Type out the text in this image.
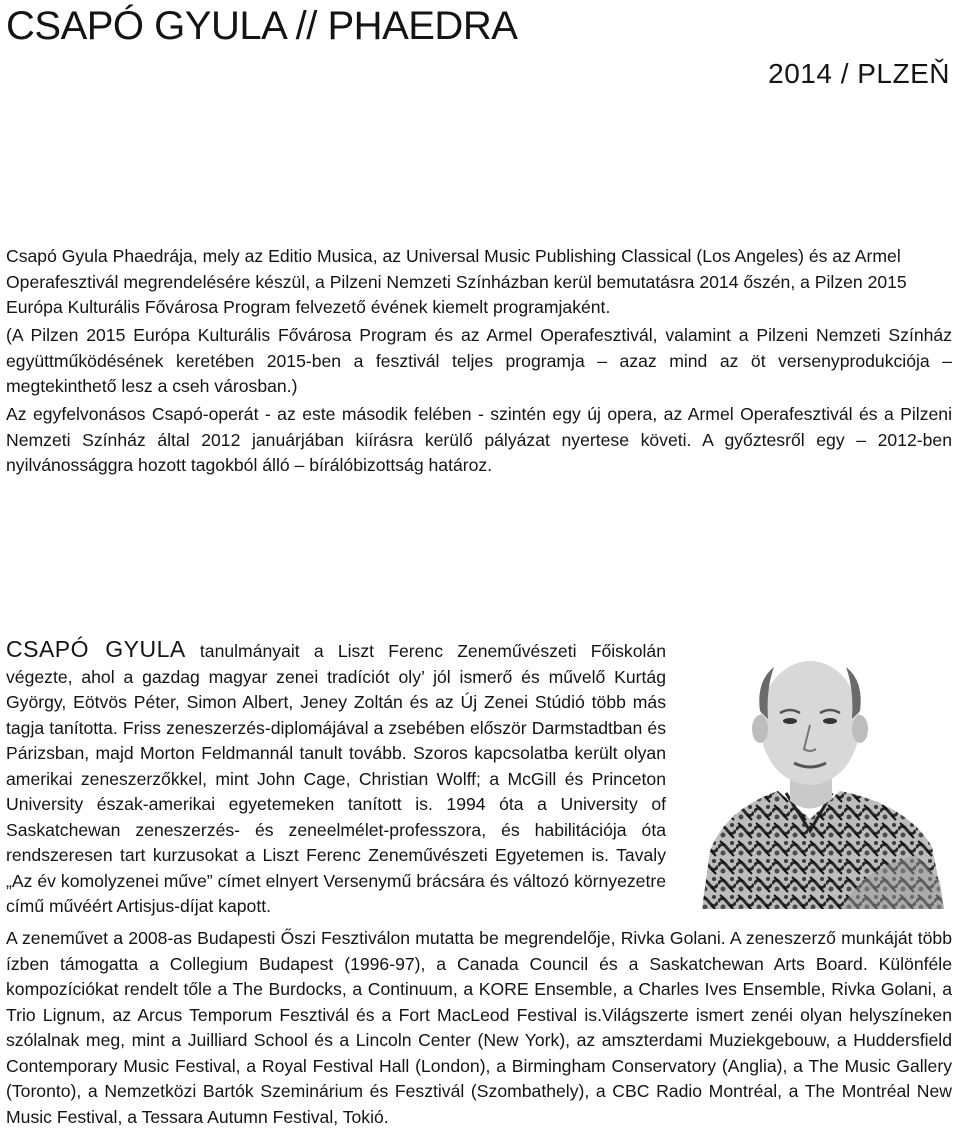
CSAPÓ GYULA // PHAEDRA
2014 / PLZEŇ

Csapó Gyula Phaedrája, mely az Editio Musica, az Universal Music Publishing Classical (Los Angeles) és az Armel Operafesztivál megrendelésére készül, a Pilzeni Nemzeti Színházban kerül bemutatásra 2014 őszén, a Pilzen 2015 Európa Kulturális Fővárosa Program felvezető évének kiemelt programjaként.

(A Pilzen 2015 Európa Kulturális Fővárosa Program és az Armel Operafesztivál, valamint a Pilzeni Nemzeti Színház együttműködésének keretében 2015-ben a fesztivál teljes programja – azaz mind az öt versenyprodukciója – megtekinthető lesz a cseh városban.)

Az egyfelvonásos Csapó-operát - az este második felében - szintén egy új opera, az Armel Operafesztivál és a Pilzeni Nemzeti Színház által 2012 januárjában kiírásra kerülő pályázat nyertese követi. A győztesről egy – 2012-ben nyilvánossággra hozott tagokból álló – bírálóbizottság határoz.

CSAPÓ GYULA tanulmányait a Liszt Ferenc Zeneművészeti Főiskolán végezte, ahol a gazdag magyar zenei tradíciót oly’ jól ismerő és művelő Kurtág György, Eötvös Péter, Simon Albert, Jeney Zoltán és az Új Zenei Stúdió több más tagja tanította. Friss zeneszerzés-diplomájával a zsebében először Darmstadtban és Párizsban, majd Morton Feldmannál tanult tovább. Szoros kapcsolatba került olyan amerikai zeneszerzőkkel, mint John Cage, Christian Wolff; a McGill és Princeton University észak-amerikai egyetemeken tanított is. 1994 óta a University of Saskatchewan zeneszerzés- és zeneelmélet-professzora, és habilitációja óta rendszeresen tart kurzusokat a Liszt Ferenc Zeneművészeti Egyetemen is. Tavaly „Az év komolyzenei műve” címet elnyert Versenymű brácsára és változó környezetre című művéért Artisjus-díjat kapott.

A zeneművet a 2008-as Budapesti Őszi Fesztiválon mutatta be megrendelője, Rivka Golani. A zeneszerző munkáját több ízben támogatta a Collegium Budapest (1996-97), a Canada Council és a Saskatchewan Arts Board. Különféle kompozíciókat rendelt tőle a The Burdocks, a Continuum, a KORE Ensemble, a Charles Ives Ensemble, Rivka Golani, a Trio Lignum, az Arcus Temporum Fesztivál és a Fort MacLeod Festival is.Világszerte ismert zenéi olyan helyszíneken szólalnak meg, mint a Juilliard School és a Lincoln Center (New York), az amszterdami Muziekgebouw, a Huddersfield Contemporary Music Festival, a Royal Festival Hall (London), a Birmingham Conservatory (Anglia), a The Music Gallery (Toronto), a Nemzetközi Bartók Szeminárium és Fesztivál (Szombathely), a CBC Radio Montréal, a The Montréal New Music Festival, a Tessara Autumn Festival, Tokió.
